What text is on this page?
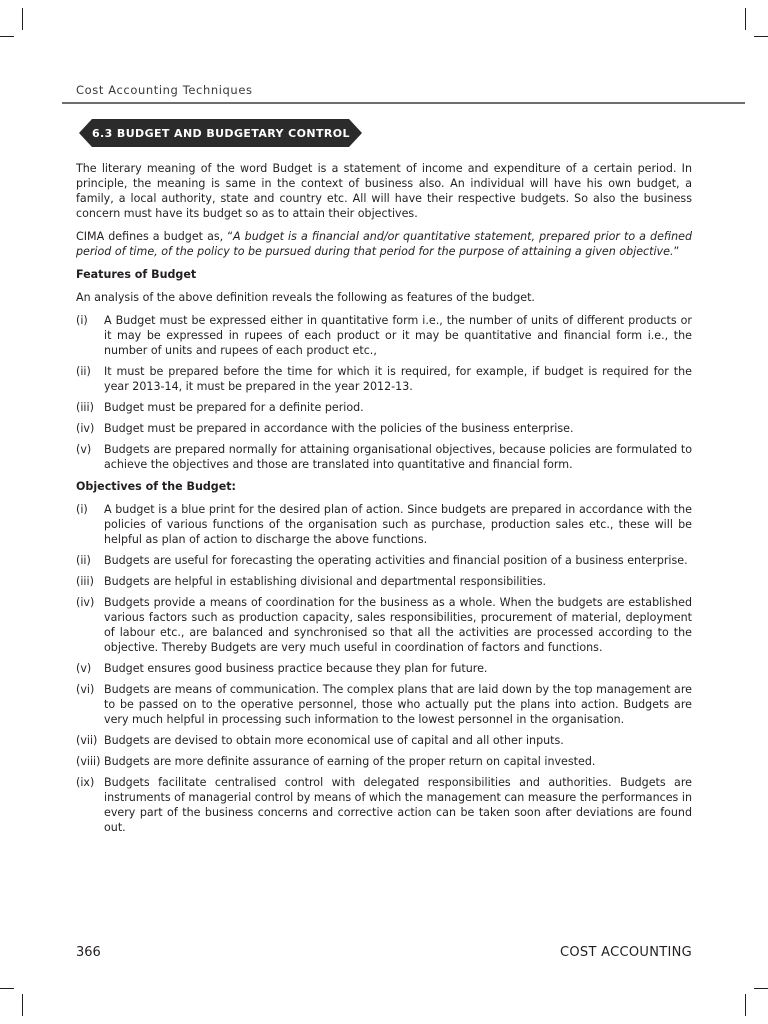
Cost Accounting Techniques
6.3 BUDGET AND BUDGETARY CONTROL

The literary meaning of the word Budget is a statement of income and expenditure of a certain period. In principle, the meaning is same in the context of business also. An individual will have his own budget, a family, a local authority, state and country etc. All will have their respective budgets. So also the business concern must have its budget so as to attain their objectives.

CIMA defines a budget as, “A budget is a financial and/or quantitative statement, prepared prior to a defined period of time, of the policy to be pursued during that period for the purpose of attaining a given objective.”

Features of Budget

An analysis of the above definition reveals the following as features of the budget.

(i)	A Budget must be expressed either in quantitative form i.e., the number of units of different products or it may be expressed in rupees of each product or it may be quantitative and financial form i.e., the number of units and rupees of each product etc.,
(ii)	It must be prepared before the time for which it is required, for example, if budget is required for the year 2013-14, it must be prepared in the year 2012-13.
(iii) Budget must be prepared for a definite period.
(iv) Budget must be prepared in accordance with the policies of the business enterprise.
(v)	Budgets are prepared normally for attaining organisational objectives, because policies are formulated to achieve the objectives and those are translated into quantitative and financial form.
Objectives of the Budget:
(i)	A budget is a blue print for the desired plan of action. Since budgets are prepared in accordance with the policies of various functions of the organisation such as purchase, production sales etc., these will be helpful as plan of action to discharge the above functions.
(ii)	Budgets are useful for forecasting the operating activities and financial position of a business enterprise.
(iii) Budgets are helpful in establishing divisional and departmental responsibilities.
(iv) Budgets provide a means of coordination for the business as a whole. When the budgets are established various factors such as production capacity, sales responsibilities, procurement of material, deployment of labour etc., are balanced and synchronised so that all the activities are processed according to the objective. Thereby Budgets are very much useful in coordination of factors and functions.
(v)	Budget ensures good business practice because they plan for future.
(vi) Budgets are means of communication. The complex plans that are laid down by the top management are to be passed on to the operative personnel, those who actually put the plans into action. Budgets are very much helpful in processing such information to the lowest personnel in the organisation.
(vii) Budgets are devised to obtain more economical use of capital and all other inputs.
(viii) Budgets are more definite assurance of earning of the proper return on capital invested.
(ix) Budgets facilitate centralised control with delegated responsibilities and authorities. Budgets are instruments of managerial control by means of which the management can measure the performances in every part of the business concerns and corrective action can be taken soon after deviations are found out.
366	COST ACCOUNTING
